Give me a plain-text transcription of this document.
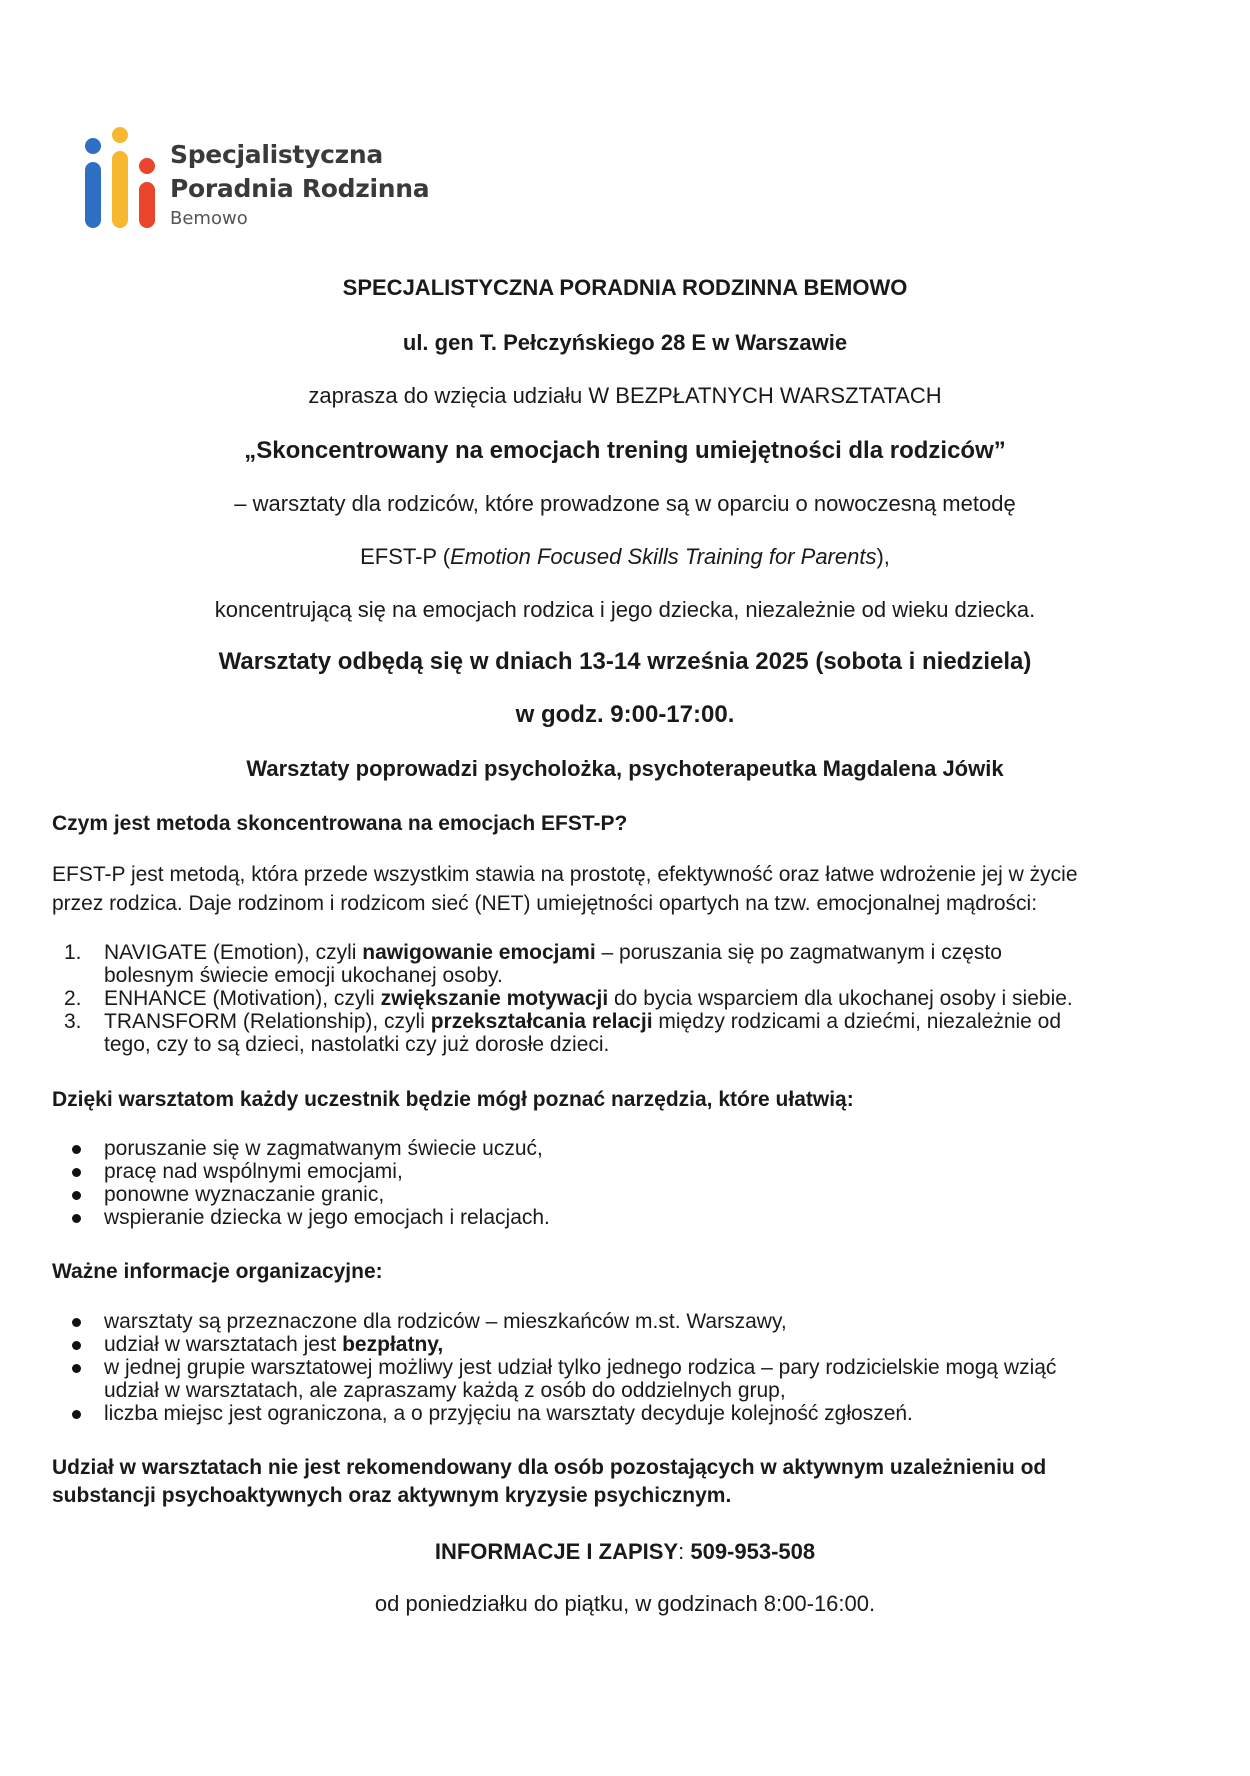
Specjalistyczna
Poradnia Rodzinna
Bemowo
SPECJALISTYCZNA PORADNIA RODZINNA BEMOWO
ul. gen T. Pełczyńskiego 28 E w Warszawie
zaprasza do wzięcia udziału W BEZPŁATNYCH WARSZTATACH
„Skoncentrowany na emocjach trening umiejętności dla rodziców”
– warsztaty dla rodziców, które prowadzone są w oparciu o nowoczesną metodę
EFST-P (Emotion Focused Skills Training for Parents),
koncentrującą się na emocjach rodzica i jego dziecka, niezależnie od wieku dziecka.
Warsztaty odbędą się w dniach 13-14 września 2025 (sobota i niedziela)
w godz. 9:00-17:00.
Warsztaty poprowadzi psycholożka, psychoterapeutka Magdalena Jówik
Czym jest metoda skoncentrowana na emocjach EFST-P?
EFST-P jest metodą, która przede wszystkim stawia na prostotę, efektywność oraz łatwe wdrożenie jej w życie
przez rodzica. Daje rodzinom i rodzicom sieć (NET) umiejętności opartych na tzw. emocjonalnej mądrości:
1. NAVIGATE (Emotion), czyli nawigowanie emocjami – poruszania się po zagmatwanym i często
bolesnym świecie emocji ukochanej osoby.
2. ENHANCE (Motivation), czyli zwiększanie motywacji do bycia wsparciem dla ukochanej osoby i siebie.
3. TRANSFORM (Relationship), czyli przekształcania relacji między rodzicami a dziećmi, niezależnie od
tego, czy to są dzieci, nastolatki czy już dorosłe dzieci.
Dzięki warsztatom każdy uczestnik będzie mógł poznać narzędzia, które ułatwią:
poruszanie się w zagmatwanym świecie uczuć,
pracę nad wspólnymi emocjami,
ponowne wyznaczanie granic,
wspieranie dziecka w jego emocjach i relacjach.
Ważne informacje organizacyjne:
warsztaty są przeznaczone dla rodziców – mieszkańców m.st. Warszawy,
udział w warsztatach jest bezpłatny,
w jednej grupie warsztatowej możliwy jest udział tylko jednego rodzica – pary rodzicielskie mogą wziąć
udział w warsztatach, ale zapraszamy każdą z osób do oddzielnych grup,
liczba miejsc jest ograniczona, a o przyjęciu na warsztaty decyduje kolejność zgłoszeń.
Udział w warsztatach nie jest rekomendowany dla osób pozostających w aktywnym uzależnieniu od
substancji psychoaktywnych oraz aktywnym kryzysie psychicznym.
INFORMACJE I ZAPISY: 509-953-508
od poniedziałku do piątku, w godzinach 8:00-16:00.
